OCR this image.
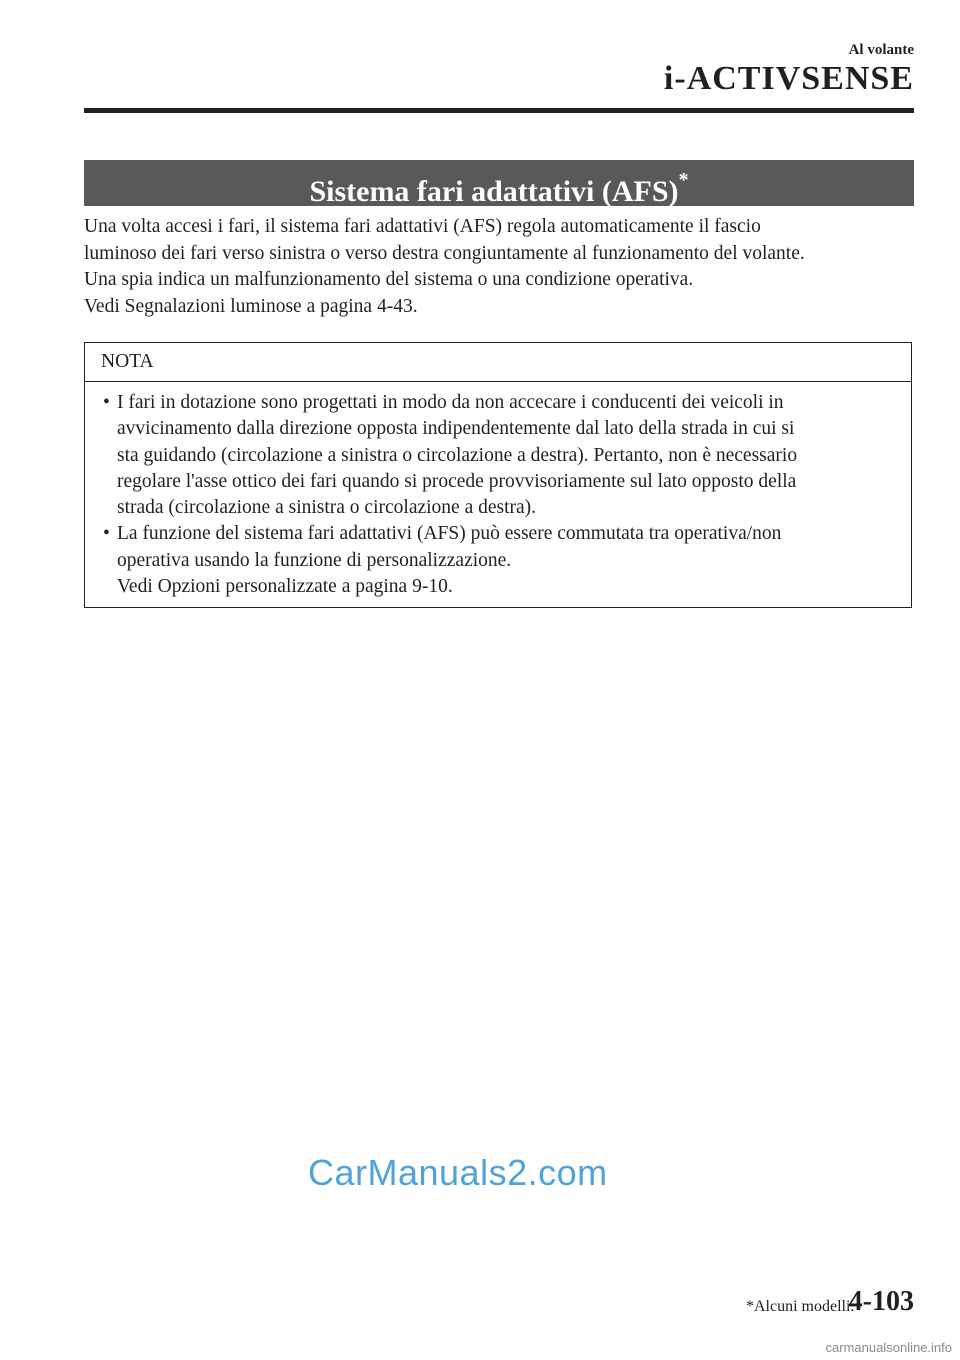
Al volante
i-ACTIVSENSE
Sistema fari adattativi (AFS)*

Una volta accesi i fari, il sistema fari adattativi (AFS) regola automaticamente il fascio

luminoso dei fari verso sinistra o verso destra congiuntamente al funzionamento del volante.

Una spia indica un malfunzionamento del sistema o una condizione operativa.

Vedi Segnalazioni luminose a pagina 4-43.

NOTA
• I fari in dotazione sono progettati in modo da non accecare i conducenti dei veicoli in

avvicinamento dalla direzione opposta indipendentemente dal lato della strada in cui si

sta guidando (circolazione a sinistra o circolazione a destra). Pertanto, non è necessario

regolare l'asse ottico dei fari quando si procede provvisoriamente sul lato opposto della

strada (circolazione a sinistra o circolazione a destra).

• La funzione del sistema fari adattativi (AFS) può essere commutata tra operativa/non

operativa usando la funzione di personalizzazione.

Vedi Opzioni personalizzate a pagina 9-10.

CarManuals2.com
*Alcuni modelli.
4-103
carmanualsonline.info
